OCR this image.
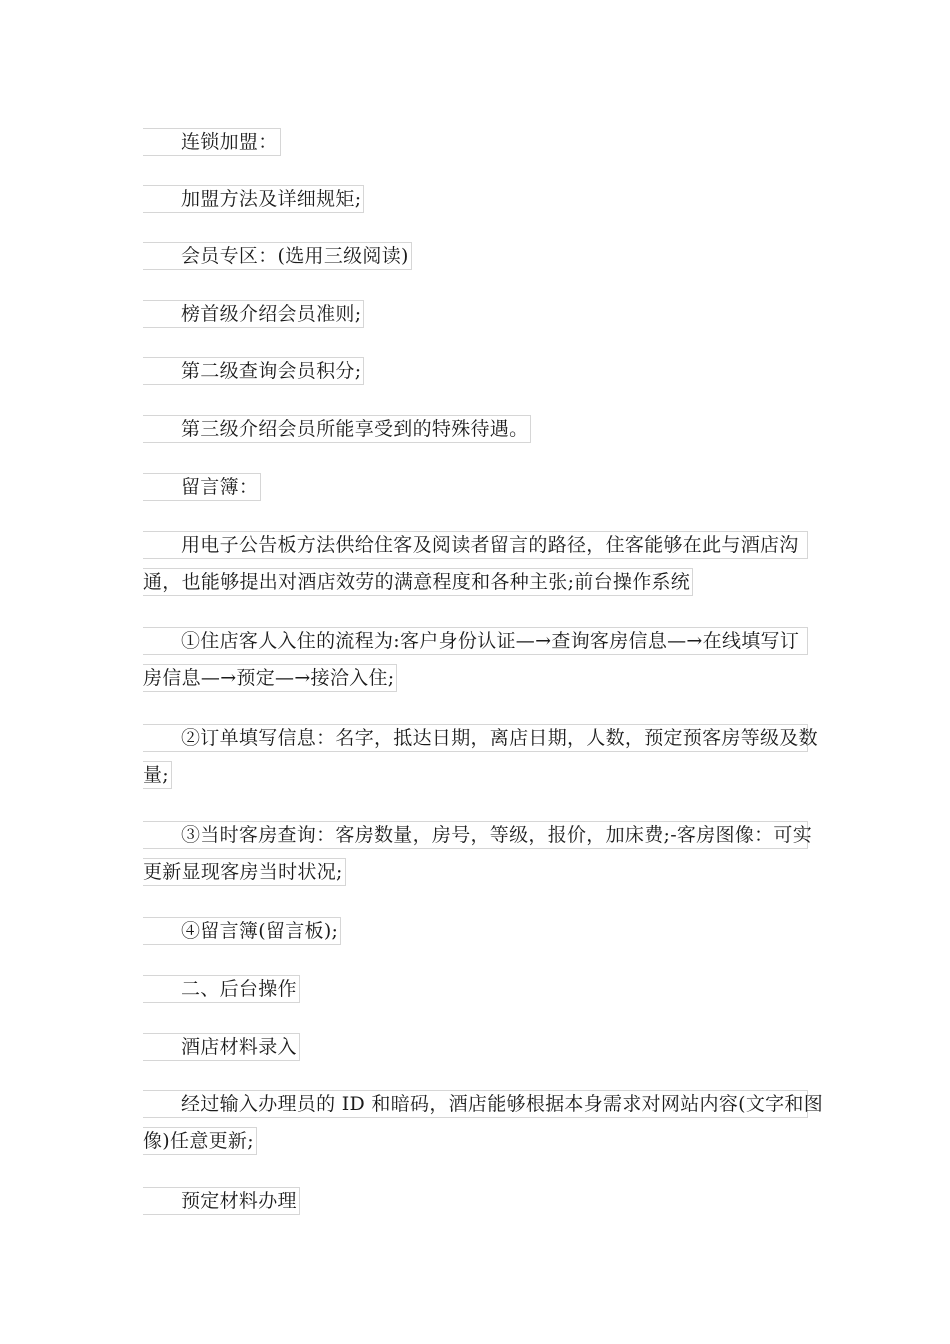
连锁加盟：

加盟方法及详细规矩;

会员专区：(选用三级阅读)

榜首级介绍会员准则;

第二级查询会员积分;

第三级介绍会员所能享受到的特殊待遇。

留言簿：

用电子公告板方法供给住客及阅读者留言的路径，住客能够在此与酒店沟
通，也能够提出对酒店效劳的满意程度和各种主张;前台操作系统

①住店客人入住的流程为:客户身份认证—→查询客房信息—→在线填写订
房信息—→预定—→接洽入住;

②订单填写信息：名字，抵达日期，离店日期，人数，预定预客房等级及数
量;

③当时客房查询：客房数量，房号，等级，报价，加床费;-客房图像：可实
更新显现客房当时状况;

④留言簿(留言板);

二、后台操作

酒店材料录入

经过输入办理员的 ID 和暗码，酒店能够根据本身需求对网站内容(文字和图
像)任意更新;

预定材料办理
